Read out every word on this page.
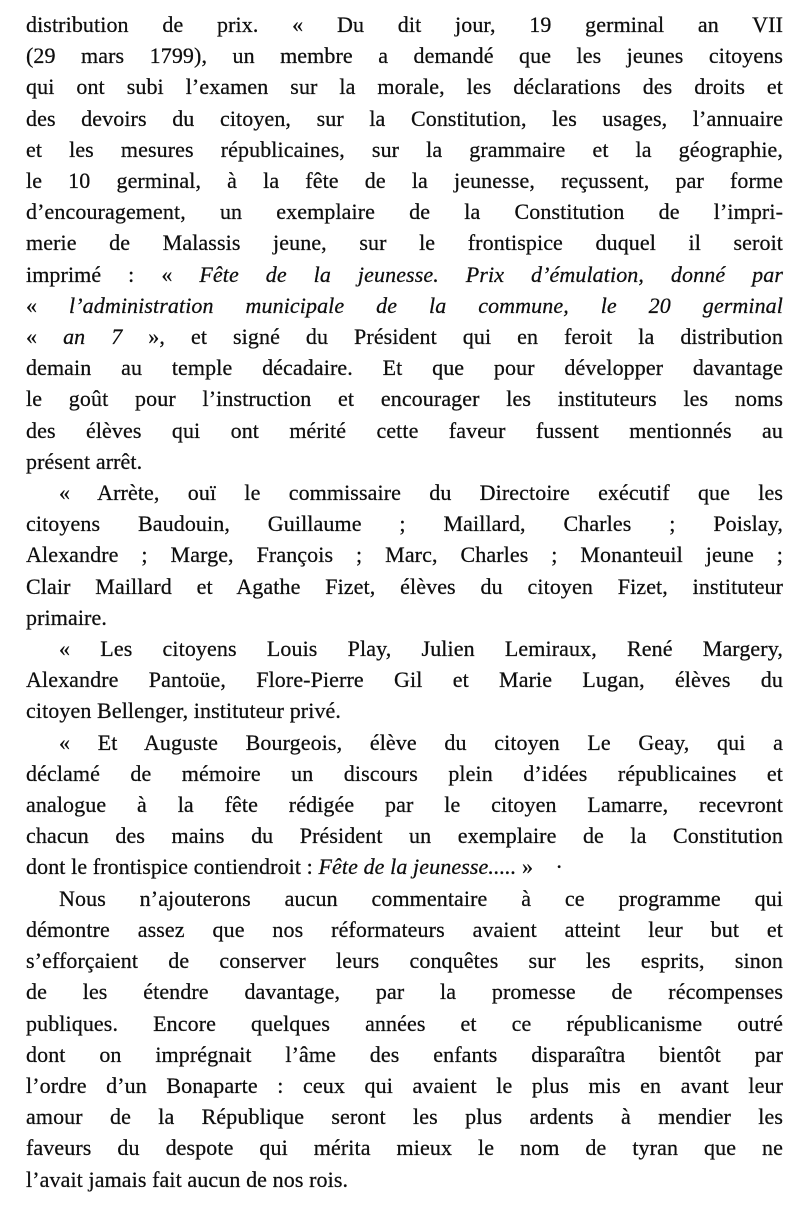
distribution de prix. « Du dit jour, 19 germinal an VII
(29 mars 1799), un membre a demandé que les jeunes citoyens
qui ont subi l’examen sur la morale, les déclarations des droits et
des devoirs du citoyen, sur la Constitution, les usages, l’annuaire
et les mesures républicaines, sur la grammaire et la géographie,
le 10 germinal, à la fête de la jeunesse, reçussent, par forme
d’encouragement, un exemplaire de la Constitution de l’impri-
merie de Malassis jeune, sur le frontispice duquel il seroit
imprimé : « Fête de la jeunesse. Prix d’émulation, donné par
« l’administration municipale de la commune, le 20 germinal
« an 7 », et signé du Président qui en feroit la distribution
demain au temple décadaire. Et que pour développer davantage
le goût pour l’instruction et encourager les instituteurs les noms
des élèves qui ont mérité cette faveur fussent mentionnés au
présent arrêt.
« Arrète, ouï le commissaire du Directoire exécutif que les
citoyens Baudouin, Guillaume ; Maillard, Charles ; Poislay,
Alexandre ; Marge, François ; Marc, Charles ; Monanteuil jeune ;
Clair Maillard et Agathe Fizet, élèves du citoyen Fizet, instituteur
primaire.
« Les citoyens Louis Play, Julien Lemiraux, René Margery,
Alexandre Pantoüe, Flore-Pierre Gil et Marie Lugan, élèves du
citoyen Bellenger, instituteur privé.
« Et Auguste Bourgeois, élève du citoyen Le Geay, qui a
déclamé de mémoire un discours plein d’idées républicaines et
analogue à la fête rédigée par le citoyen Lamarre, recevront
chacun des mains du Président un exemplaire de la Constitution
dont le frontispice contiendroit : Fête de la jeunesse..... »    ·
Nous n’ajouterons aucun commentaire à ce programme qui
démontre assez que nos réformateurs avaient atteint leur but et
s’efforçaient de conserver leurs conquêtes sur les esprits, sinon
de les étendre davantage, par la promesse de récompenses
publiques. Encore quelques années et ce républicanisme outré
dont on imprégnait l’âme des enfants disparaîtra bientôt par
l’ordre d’un Bonaparte : ceux qui avaient le plus mis en avant leur
amour de la République seront les plus ardents à mendier les
faveurs du despote qui mérita mieux le nom de tyran que ne
l’avait jamais fait aucun de nos rois.
